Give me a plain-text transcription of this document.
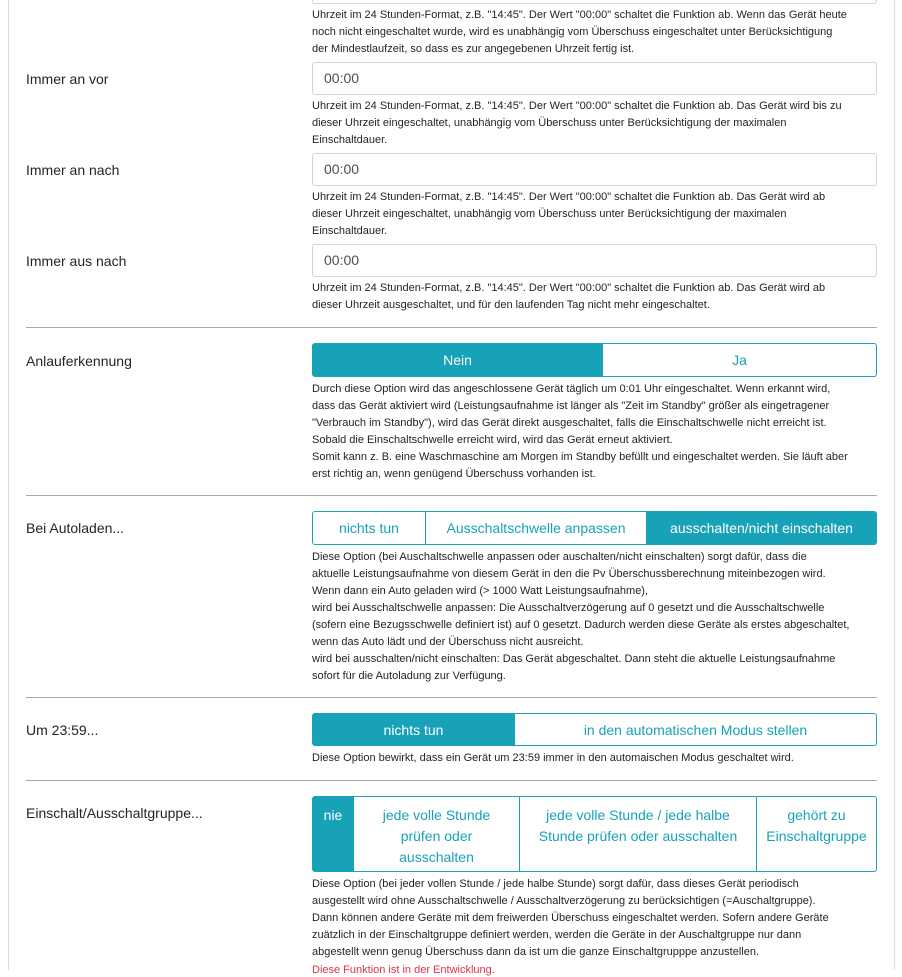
Uhrzeit im 24 Stunden-Format, z.B. "14:45". Der Wert "00:00" schaltet die Funktion ab. Wenn das Gerät heute

noch nicht eingeschaltet wurde, wird es unabhängig vom Überschuss eingeschaltet unter Berücksichtigung

der Mindestlaufzeit, so dass es zur angegebenen Uhrzeit fertig ist.

Immer an vor	00:00

Uhrzeit im 24 Stunden-Format, z.B. "14:45". Der Wert "00:00" schaltet die Funktion ab. Das Gerät wird bis zu

dieser Uhrzeit eingeschaltet, unabhängig vom Überschuss unter Berücksichtigung der maximalen

Einschaltdauer.

Immer an nach	00:00

Uhrzeit im 24 Stunden-Format, z.B. "14:45". Der Wert "00:00" schaltet die Funktion ab. Das Gerät wird ab

dieser Uhrzeit eingeschaltet, unabhängig vom Überschuss unter Berücksichtigung der maximalen

Einschaltdauer.

Immer aus nach	00:00

Uhrzeit im 24 Stunden-Format, z.B. "14:45". Der Wert "00:00" schaltet die Funktion ab. Das Gerät wird ab

dieser Uhrzeit ausgeschaltet, und für den laufenden Tag nicht mehr eingeschaltet.

Anlauferkennung	Nein	Ja

Durch diese Option wird das angeschlossene Gerät täglich um 0:01 Uhr eingeschaltet. Wenn erkannt wird,

dass das Gerät aktiviert wird (Leistungsaufnahme ist länger als "Zeit im Standby" größer als eingetragener

"Verbrauch im Standby"), wird das Gerät direkt ausgeschaltet, falls die Einschaltschwelle nicht erreicht ist.

Sobald die Einschaltschwelle erreicht wird, wird das Gerät erneut aktiviert.

Somit kann z. B. eine Waschmaschine am Morgen im Standby befüllt und eingeschaltet werden. Sie läuft aber

erst richtig an, wenn genügend Überschuss vorhanden ist.

Bei Autoladen...	nichts tun	Ausschaltschwelle anpassen	ausschalten/nicht einschalten

Diese Option (bei Auschaltschwelle anpassen oder auschalten/nicht einschalten) sorgt dafür, dass die

aktuelle Leistungsaufnahme von diesem Gerät in den die Pv Überschussberechnung miteinbezogen wird.

Wenn dann ein Auto geladen wird (> 1000 Watt Leistungsaufnahme),

wird bei Ausschaltschwelle anpassen: Die Ausschaltverzögerung auf 0 gesetzt und die Ausschaltschwelle

(sofern eine Bezugsschwelle definiert ist) auf 0 gesetzt. Dadurch werden diese Geräte als erstes abgeschaltet,

wenn das Auto lädt und der Überschuss nicht ausreicht.

wird bei ausschalten/nicht einschalten: Das Gerät abgeschaltet. Dann steht die aktuelle Leistungsaufnahme

sofort für die Autoladung zur Verfügung.

Um 23:59...	nichts tun	in den automatischen Modus stellen

Diese Option bewirkt, dass ein Gerät um 23:59 immer in den automaischen Modus geschaltet wird.

Einschalt/Ausschaltgruppe...	nie	jede volle Stunde prüfen oder ausschalten
jede volle Stunde / jede halbe Stunde prüfen oder ausschalten
gehört zu Einschaltgruppe

Diese Option (bei jeder vollen Stunde / jede halbe Stunde) sorgt dafür, dass dieses Gerät periodisch

ausgestellt wird ohne Ausschaltschwelle / Ausschaltverzögerung zu berücksichtigen (=Auschaltgruppe).

Dann können andere Geräte mit dem freiwerden Überschuss eingeschaltet werden. Sofern andere Geräte

zuätzlich in der Einschaltgruppe definiert werden, werden die Geräte in der Auschaltgruppe nur dann

abgestellt wenn genug Überschuss dann da ist um die ganze Einschaltgrupppe anzustellen.

Diese Funktion ist in der Entwicklung.
